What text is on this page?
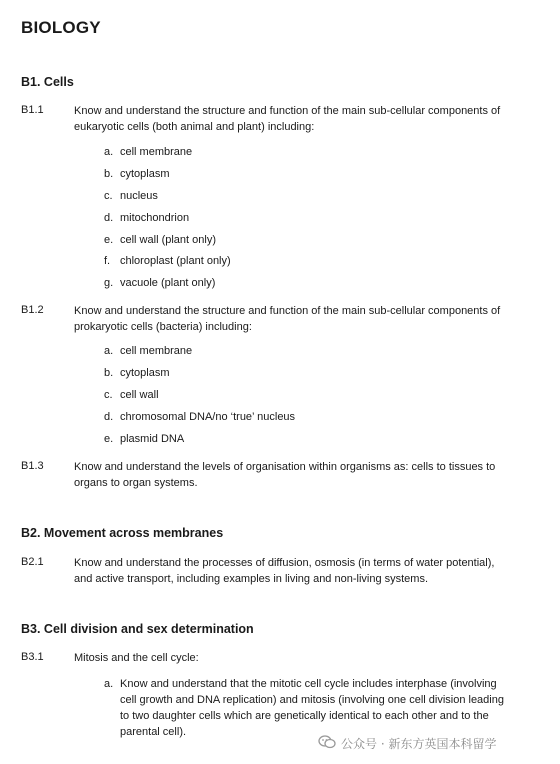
BIOLOGY
B1. Cells
B1.1	Know and understand the structure and function of the main sub-cellular components of
eukaryotic cells (both animal and plant) including:
a. cell membrane
b. cytoplasm
c. nucleus
d. mitochondrion
e. cell wall (plant only)
f. chloroplast (plant only)
g. vacuole (plant only)
B1.2	Know and understand the structure and function of the main sub-cellular components of
prokaryotic cells (bacteria) including:
a. cell membrane
b. cytoplasm
c. cell wall
d. chromosomal DNA/no ‘true’ nucleus
e. plasmid DNA
B1.3	Know and understand the levels of organisation within organisms as: cells to tissues to
organs to organ systems.
B2. Movement across membranes
B2.1	Know and understand the processes of diffusion, osmosis (in terms of water potential),
and active transport, including examples in living and non-living systems.
B3. Cell division and sex determination
B3.1	Mitosis and the cell cycle:
a. Know and understand that the mitotic cell cycle includes interphase (involving
cell growth and DNA replication) and mitosis (involving one cell division leading
to two daughter cells which are genetically identical to each other and to the
parental cell).
公众号 · 新东方英国本科留学
